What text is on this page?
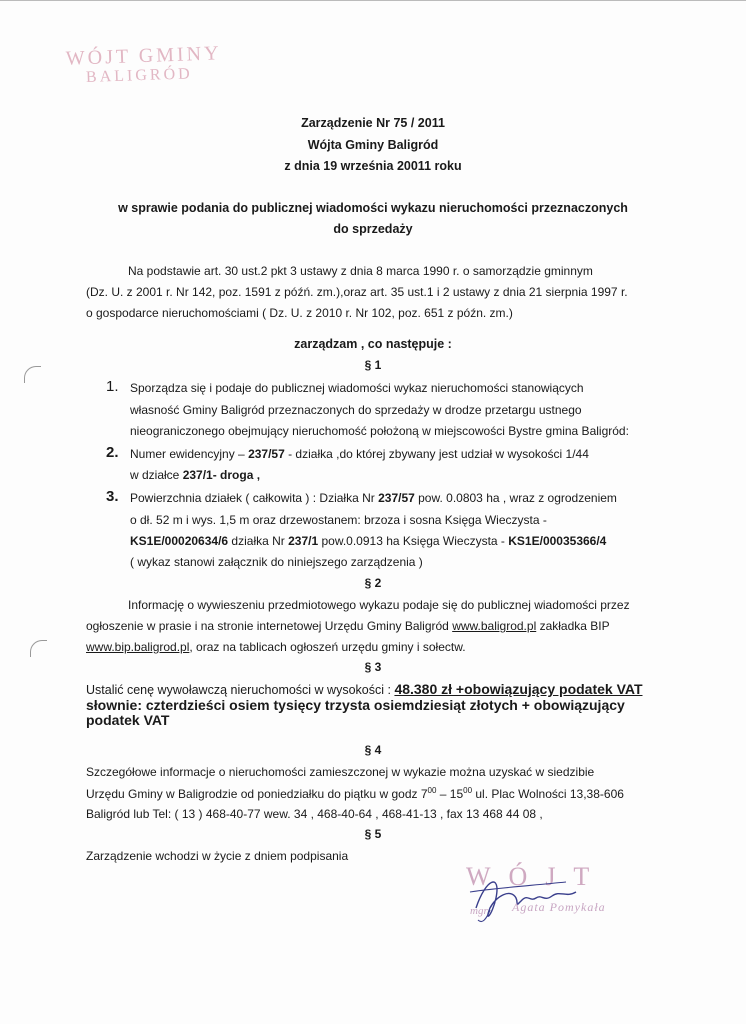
WÓJT GMINY
BALIGRÓD
Zarządzenie Nr 75 / 2011
Wójta Gminy Baligród
z dnia 19 września 20011 roku
w sprawie podania do publicznej wiadomości wykazu nieruchomości przeznaczonych
do sprzedaży
Na podstawie art. 30 ust.2 pkt 3 ustawy z dnia 8 marca 1990 r. o samorządzie gminnym
(Dz. U. z 2001 r. Nr 142, poz. 1591 z późń. zm.),oraz art. 35 ust.1 i 2 ustawy z dnia 21 sierpnia 1997 r.
o gospodarce nieruchomościami ( Dz. U. z 2010 r. Nr 102, poz. 651 z późn. zm.)
zarządzam , co następuje :
§ 1
1. Sporządza się i podaje do publicznej wiadomości wykaz nieruchomości stanowiących
własność Gminy Baligród przeznaczonych do sprzedaży w drodze przetargu ustnego
nieograniczonego obejmujący nieruchomość położoną w miejscowości Bystre gmina Baligród:
2. Numer ewidencyjny – 237/57 - działka ,do której zbywany jest udział w wysokości 1/44
w działce 237/1- droga ,
3. Powierzchnia działek ( całkowita ) : Działka Nr 237/57 pow. 0.0803 ha , wraz z ogrodzeniem
o dł. 52 m i wys. 1,5 m oraz drzewostanem: brzoza i sosna Księga Wieczysta -
KS1E/00020634/6 działka Nr 237/1 pow.0.0913 ha Księga Wieczysta - KS1E/00035366/4
( wykaz stanowi załącznik do niniejszego zarządzenia )
§ 2
Informację o wywieszeniu przedmiotowego wykazu podaje się do publicznej wiadomości przez
ogłoszenie w prasie i na stronie internetowej Urzędu Gminy Baligród www.baligrod.pl zakładka BIP
www.bip.baligrod.pl, oraz na tablicach ogłoszeń urzędu gminy i sołectw.
§ 3
Ustalić cenę wywoławczą nieruchomości w wysokości : 48.380 zł +obowiązujący podatek VAT
słownie: czterdzieści osiem tysięcy trzysta osiemdziesiąt złotych + obowiązujący
podatek VAT
§ 4
Szczegółowe informacje o nieruchomości zamieszczonej w wykazie można uzyskać w siedzibie
Urzędu Gminy w Baligrodzie od poniedziałku do piątku w godz $7^{00} - 15^{00}$ ul. Plac Wolności 13,38-606
Baligród lub Tel: ( 13 ) 468-40-77 wew. 34 , 468-40-64 , 468-41-13 , fax 13 468 44 08 ,
§ 5
Zarządzenie wchodzi w życie z dniem podpisania
WÓJT
mgr Agata Pomykała
